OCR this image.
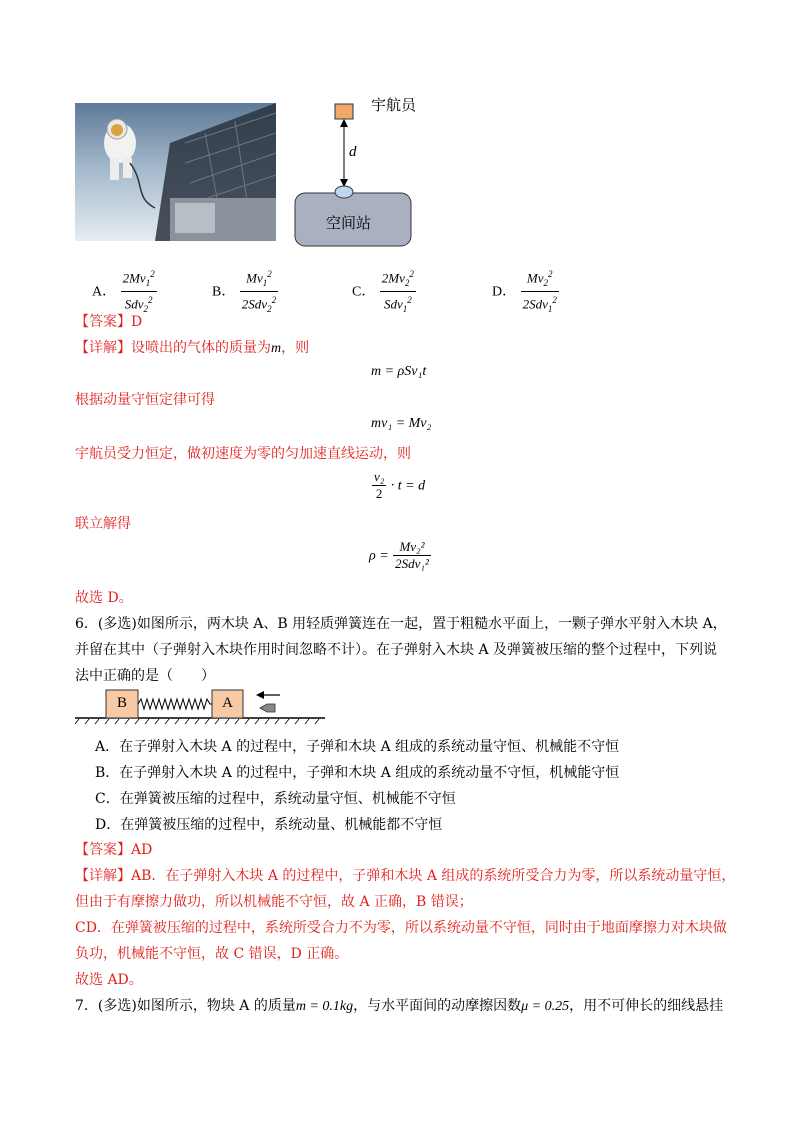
宇航员
d
空间站
A． $\frac{2Mv_1^2}{Sdv_2^2}$	B． $\frac{Mv_1^2}{2Sdv_2^2}$	C． $\frac{2Mv_2^2}{Sdv_1^2}$	D． $\frac{Mv_2^2}{2Sdv_1^2}$
【答案】D
【详解】设喷出的气体的质量为m，则
m = ρSv₁t
根据动量守恒定律可得
mv₁ = Mv₂
宇航员受力恒定，做初速度为零的匀加速直线运动，则
$\frac{\text{v₂}}{2} \cdot t = d$
联立解得
$\rho = \frac{\text{Mv₂²}}{\text{2Sdv₁²}}$
故选 D。
6．(多选)如图所示，两木块 A、B 用轻质弹簧连在一起，置于粗糙水平面上，一颗子弹水平射入木块 A，
并留在其中（子弹射入木块作用时间忽略不计）。在子弹射入木块 A 及弹簧被压缩的整个过程中，下列说
法中正确的是（　　）
B	A
A．在子弹射入木块 A 的过程中，子弹和木块 A 组成的系统动量守恒、机械能不守恒
B．在子弹射入木块 A 的过程中，子弹和木块 A 组成的系统动量不守恒，机械能守恒
C．在弹簧被压缩的过程中，系统动量守恒、机械能不守恒
D．在弹簧被压缩的过程中，系统动量、机械能都不守恒
【答案】AD
【详解】AB．在子弹射入木块 A 的过程中，子弹和木块 A 组成的系统所受合力为零，所以系统动量守恒，
但由于有摩擦力做功，所以机械能不守恒，故 A 正确，B 错误；
CD．在弹簧被压缩的过程中，系统所受合力不为零，所以系统动量不守恒，同时由于地面摩擦力对木块做
负功，机械能不守恒，故 C 错误，D 正确。
故选 AD。
7．(多选)如图所示，物块 A 的质量m = 0.1kg，与水平面间的动摩擦因数μ = 0.25，用不可伸长的细线悬挂
